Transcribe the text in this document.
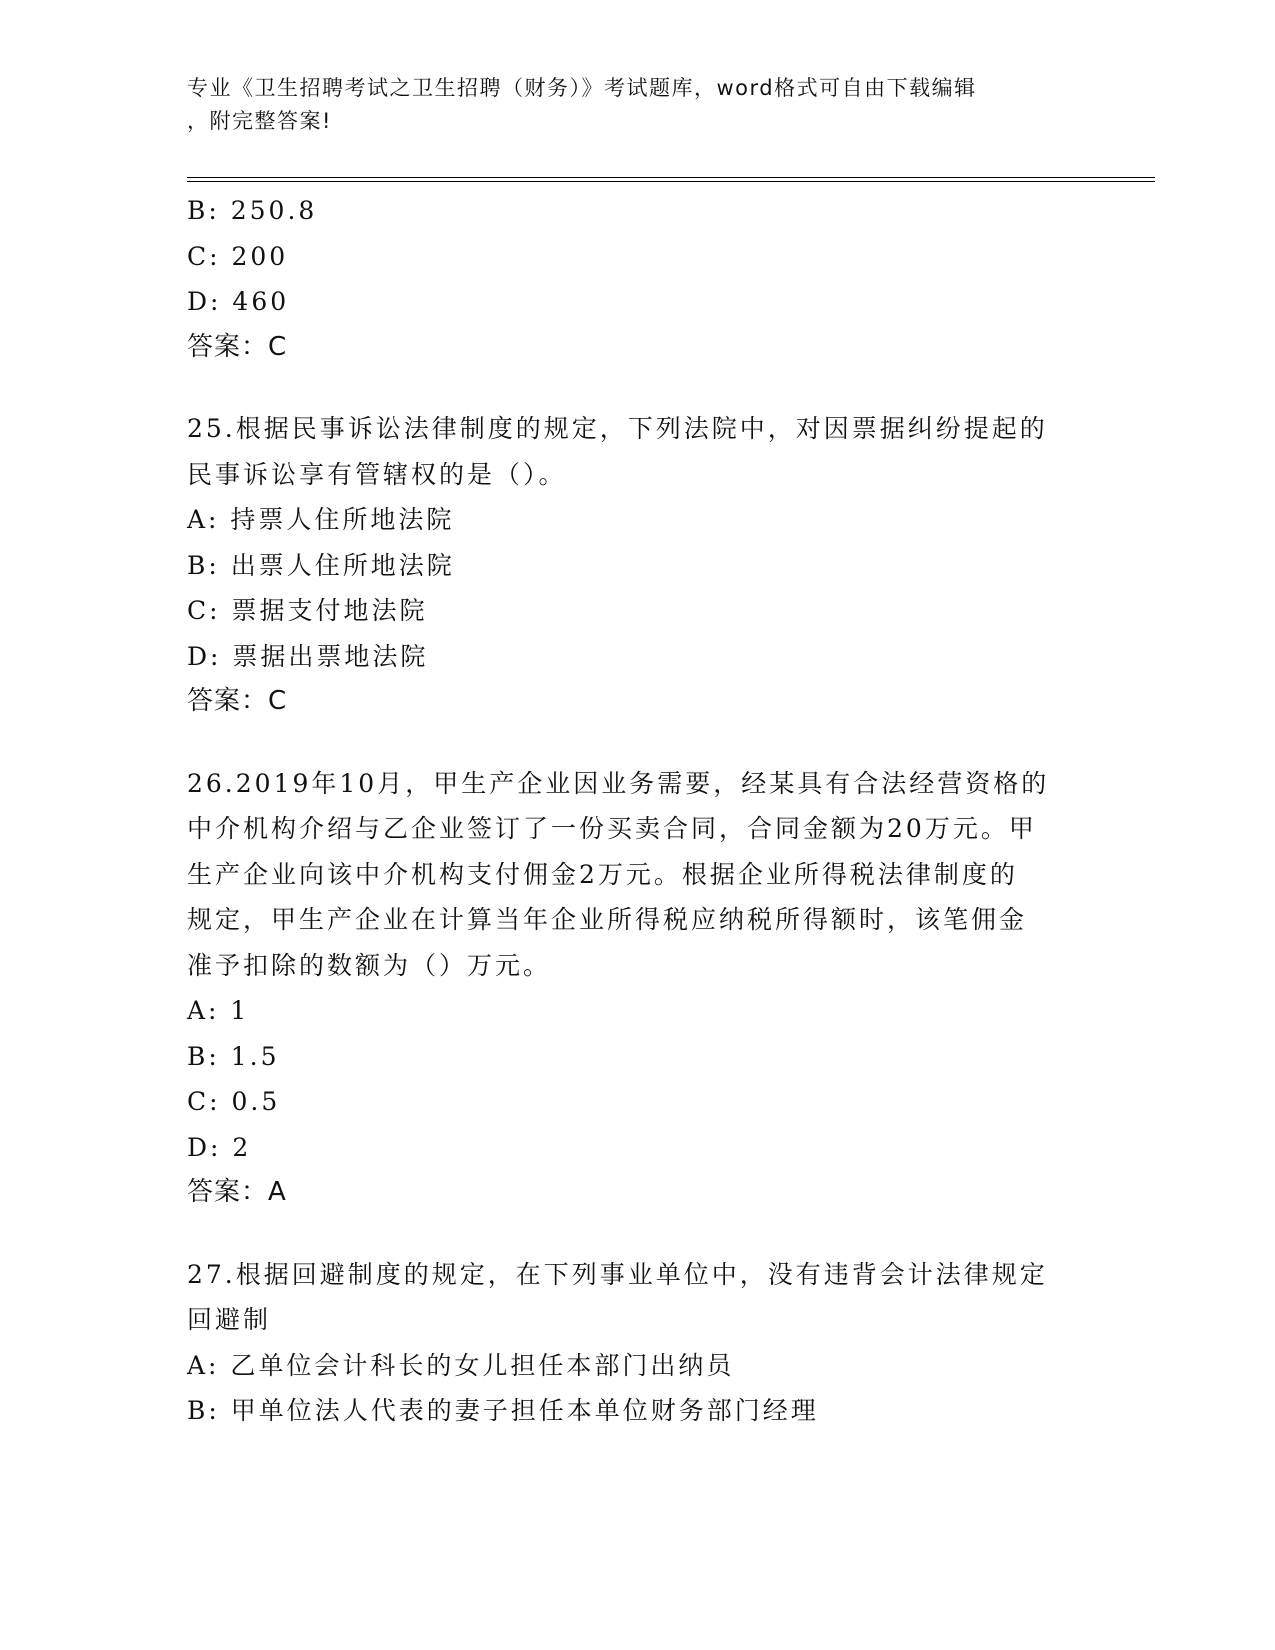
专业《卫生招聘考试之卫生招聘（财务）》考试题库，word格式可自由下载编辑
，附完整答案!
B: 250.8
C: 200
D: 460
答案：C
25.根据民事诉讼法律制度的规定，下列法院中，对因票据纠纷提起的
民事诉讼享有管辖权的是（）。
A: 持票人住所地法院
B: 出票人住所地法院
C: 票据支付地法院
D: 票据出票地法院
答案：C
26.2019年10月，甲生产企业因业务需要，经某具有合法经营资格的
中介机构介绍与乙企业签订了一份买卖合同，合同金额为20万元。甲
生产企业向该中介机构支付佣金2万元。根据企业所得税法律制度的
规定，甲生产企业在计算当年企业所得税应纳税所得额时，该笔佣金
准予扣除的数额为（）万元。
A: 1
B: 1.5
C: 0.5
D: 2
答案：A
27.根据回避制度的规定，在下列事业单位中，没有违背会计法律规定
回避制
A: 乙单位会计科长的女儿担任本部门出纳员
B: 甲单位法人代表的妻子担任本单位财务部门经理
